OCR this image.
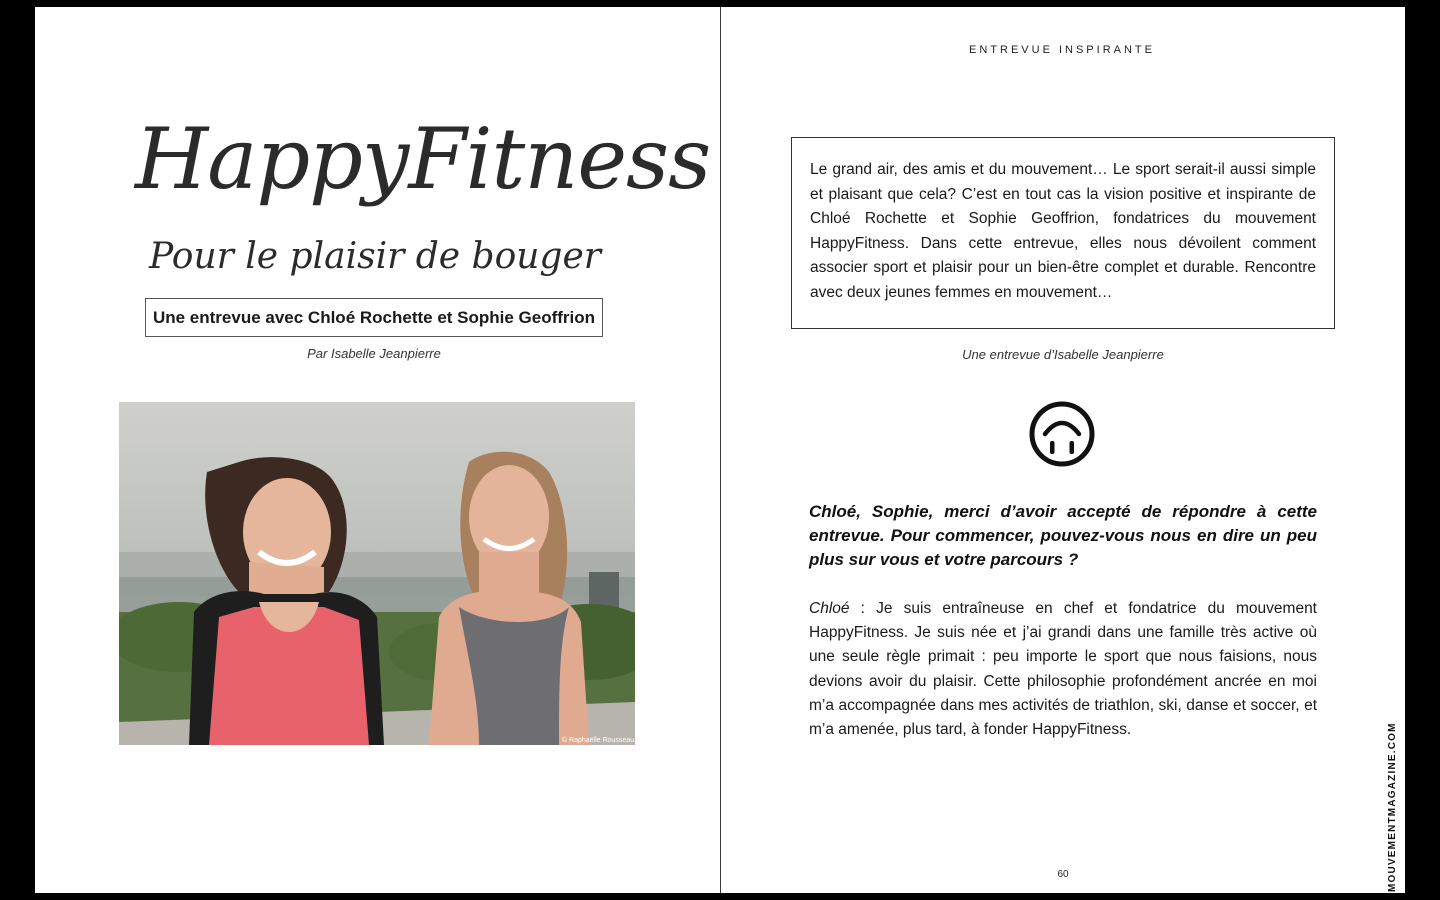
HappyFitness
Pour le plaisir de bouger
Une entrevue avec Chloé Rochette et Sophie Geoffrion
Par Isabelle Jeanpierre
© Raphaëlle Rousseau
ENTREVUE INSPIRANTE

Le grand air, des amis et du mouvement… Le sport serait-il aussi simple et plaisant que cela? C’est en tout cas la vision positive et inspirante de Chloé Rochette et Sophie Geoffrion, fondatrices du mouvement HappyFitness. Dans cette entrevue, elles nous dévoilent comment associer sport et plaisir pour un bien-être complet et durable. Rencontre avec deux jeunes femmes en mouvement…

Une entrevue d’Isabelle Jeanpierre
Chloé, Sophie, merci d’avoir accepté de répondre à cette entrevue. Pour commencer, pouvez-vous nous en dire un peu plus sur vous et votre parcours ?
Chloé : Je suis entraîneuse en chef et fondatrice du mouvement HappyFitness. Je suis née et j’ai grandi dans une famille très active où une seule règle primait : peu importe le sport que nous faisions, nous devions avoir du plaisir. Cette philosophie profondément ancrée en moi m’a accompagnée dans mes activités de triathlon, ski, danse et soccer, et m’a amenée, plus tard, à fonder HappyFitness.
60	MOUVEMENTMAGAZINE.COM
